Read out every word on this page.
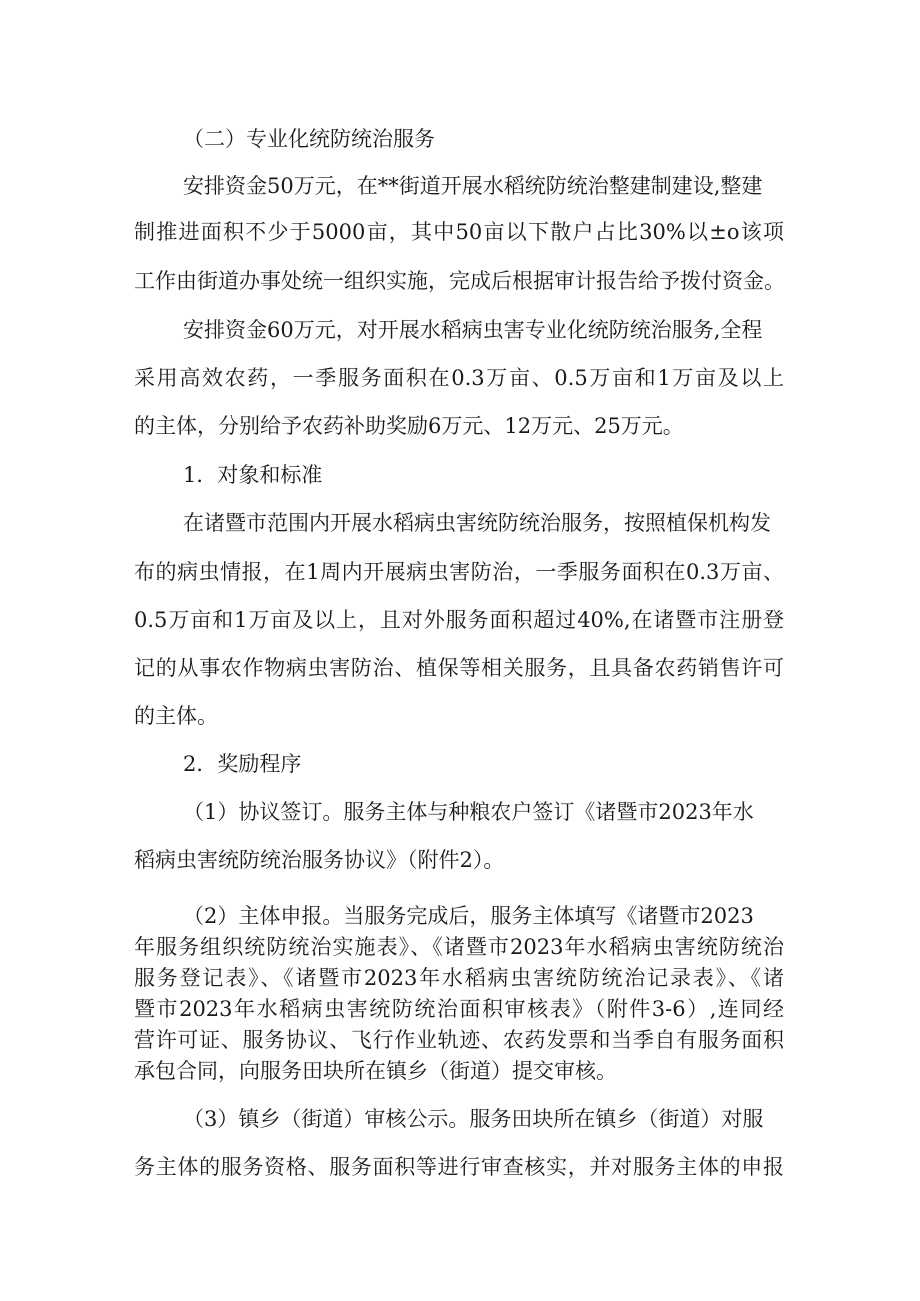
（二）专业化统防统治服务
安排资金50万元，在**街道开展水稻统防统治整建制建设,整建
制推进面积不少于5000亩，其中50亩以下散户占比30%以±o该项
工作由街道办事处统一组织实施，完成后根据审计报告给予拨付资金。
安排资金60万元，对开展水稻病虫害专业化统防统治服务,全程
采用高效农药，一季服务面积在0.3万亩、0.5万亩和1万亩及以上
的主体，分别给予农药补助奖励6万元、12万元、25万元。
1．对象和标准
在诸暨市范围内开展水稻病虫害统防统治服务，按照植保机构发
布的病虫情报，在1周内开展病虫害防治，一季服务面积在0.3万亩、
0.5万亩和1万亩及以上，且对外服务面积超过40%,在诸暨市注册登
记的从事农作物病虫害防治、植保等相关服务，且具备农药销售许可
的主体。
2．奖励程序
（1）协议签订。服务主体与种粮农户签订《诸暨市2023年水
稻病虫害统防统治服务协议》（附件2）。
（2）主体申报。当服务完成后，服务主体填写《诸暨市2023
年服务组织统防统治实施表》、《诸暨市2023年水稻病虫害统防统治
服务登记表》、《诸暨市2023年水稻病虫害统防统治记录表》、《诸
暨市2023年水稻病虫害统防统治面积审核表》（附件3-6）,连同经
营许可证、服务协议、飞行作业轨迹、农药发票和当季自有服务面积
承包合同，向服务田块所在镇乡（街道）提交审核。
（3）镇乡（街道）审核公示。服务田块所在镇乡（街道）对服
务主体的服务资格、服务面积等进行审查核实，并对服务主体的申报
